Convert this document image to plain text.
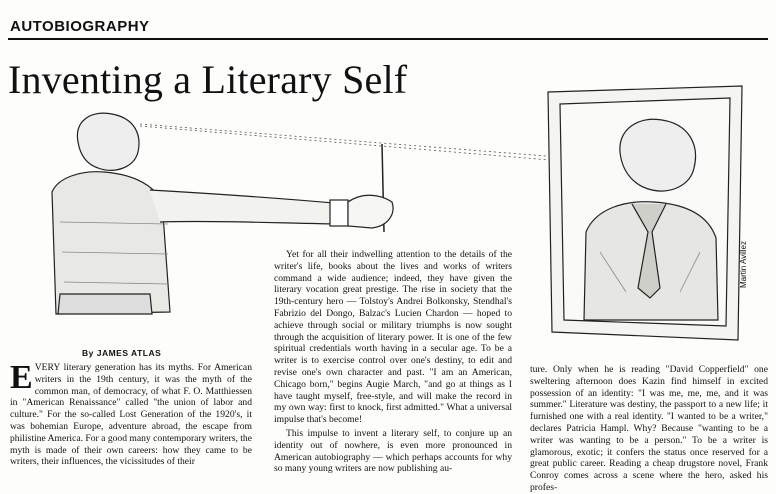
AUTOBIOGRAPHY
Inventing a Literary Self
Martin Avillez
By JAMES ATLAS

EVERY literary generation has its myths. For American writers in the 19th century, it was the myth of the common man, of democracy, of what F. O. Matthiessen in "American Renaissance" called "the union of labor and culture." For the so-called Lost Generation of the 1920's, it was bohemian Europe, adventure abroad, the escape from philistine America. For a good many contemporary writers, the myth is made of their own careers: how they came to be writers, their influences, the vicissitudes of their

Yet for all their indwelling attention to the details of the writer's life, books about the lives and works of writers command a wide audience; indeed, they have given the literary vocation great prestige. The rise in society that the 19th-century hero — Tolstoy's Andrei Bolkonsky, Stendhal's Fabrizio del Dongo, Balzac's Lucien Chardon — hoped to achieve through social or military triumphs is now sought through the acquisition of literary power. It is one of the few spiritual credentials worth having in a secular age. To be a writer is to exercise control over one's destiny, to edit and revise one's own character and past. "I am an American, Chicago born," begins Augie March, "and go at things as I have taught myself, free-style, and will make the record in my own way: first to knock, first admitted." What a universal impulse that's become!

This impulse to invent a literary self, to conjure up an identity out of nowhere, is even more pronounced in American autobiography — which perhaps accounts for why so many young writers are now publishing au-

ture. Only when he is reading "David Copperfield" one sweltering afternoon does Kazin find himself in excited possession of an identity: "I was me, me, me, and it was summer." Literature was destiny, the passport to a new life; it furnished one with a real identity. "I wanted to be a writer," declares Patricia Hampl. Why? Because "wanting to be a writer was wanting to be a person." To be a writer is glamorous, exotic; it confers the status once reserved for a great public career. Reading a cheap drugstore novel, Frank Conroy comes across a scene where the hero, asked his profes-
